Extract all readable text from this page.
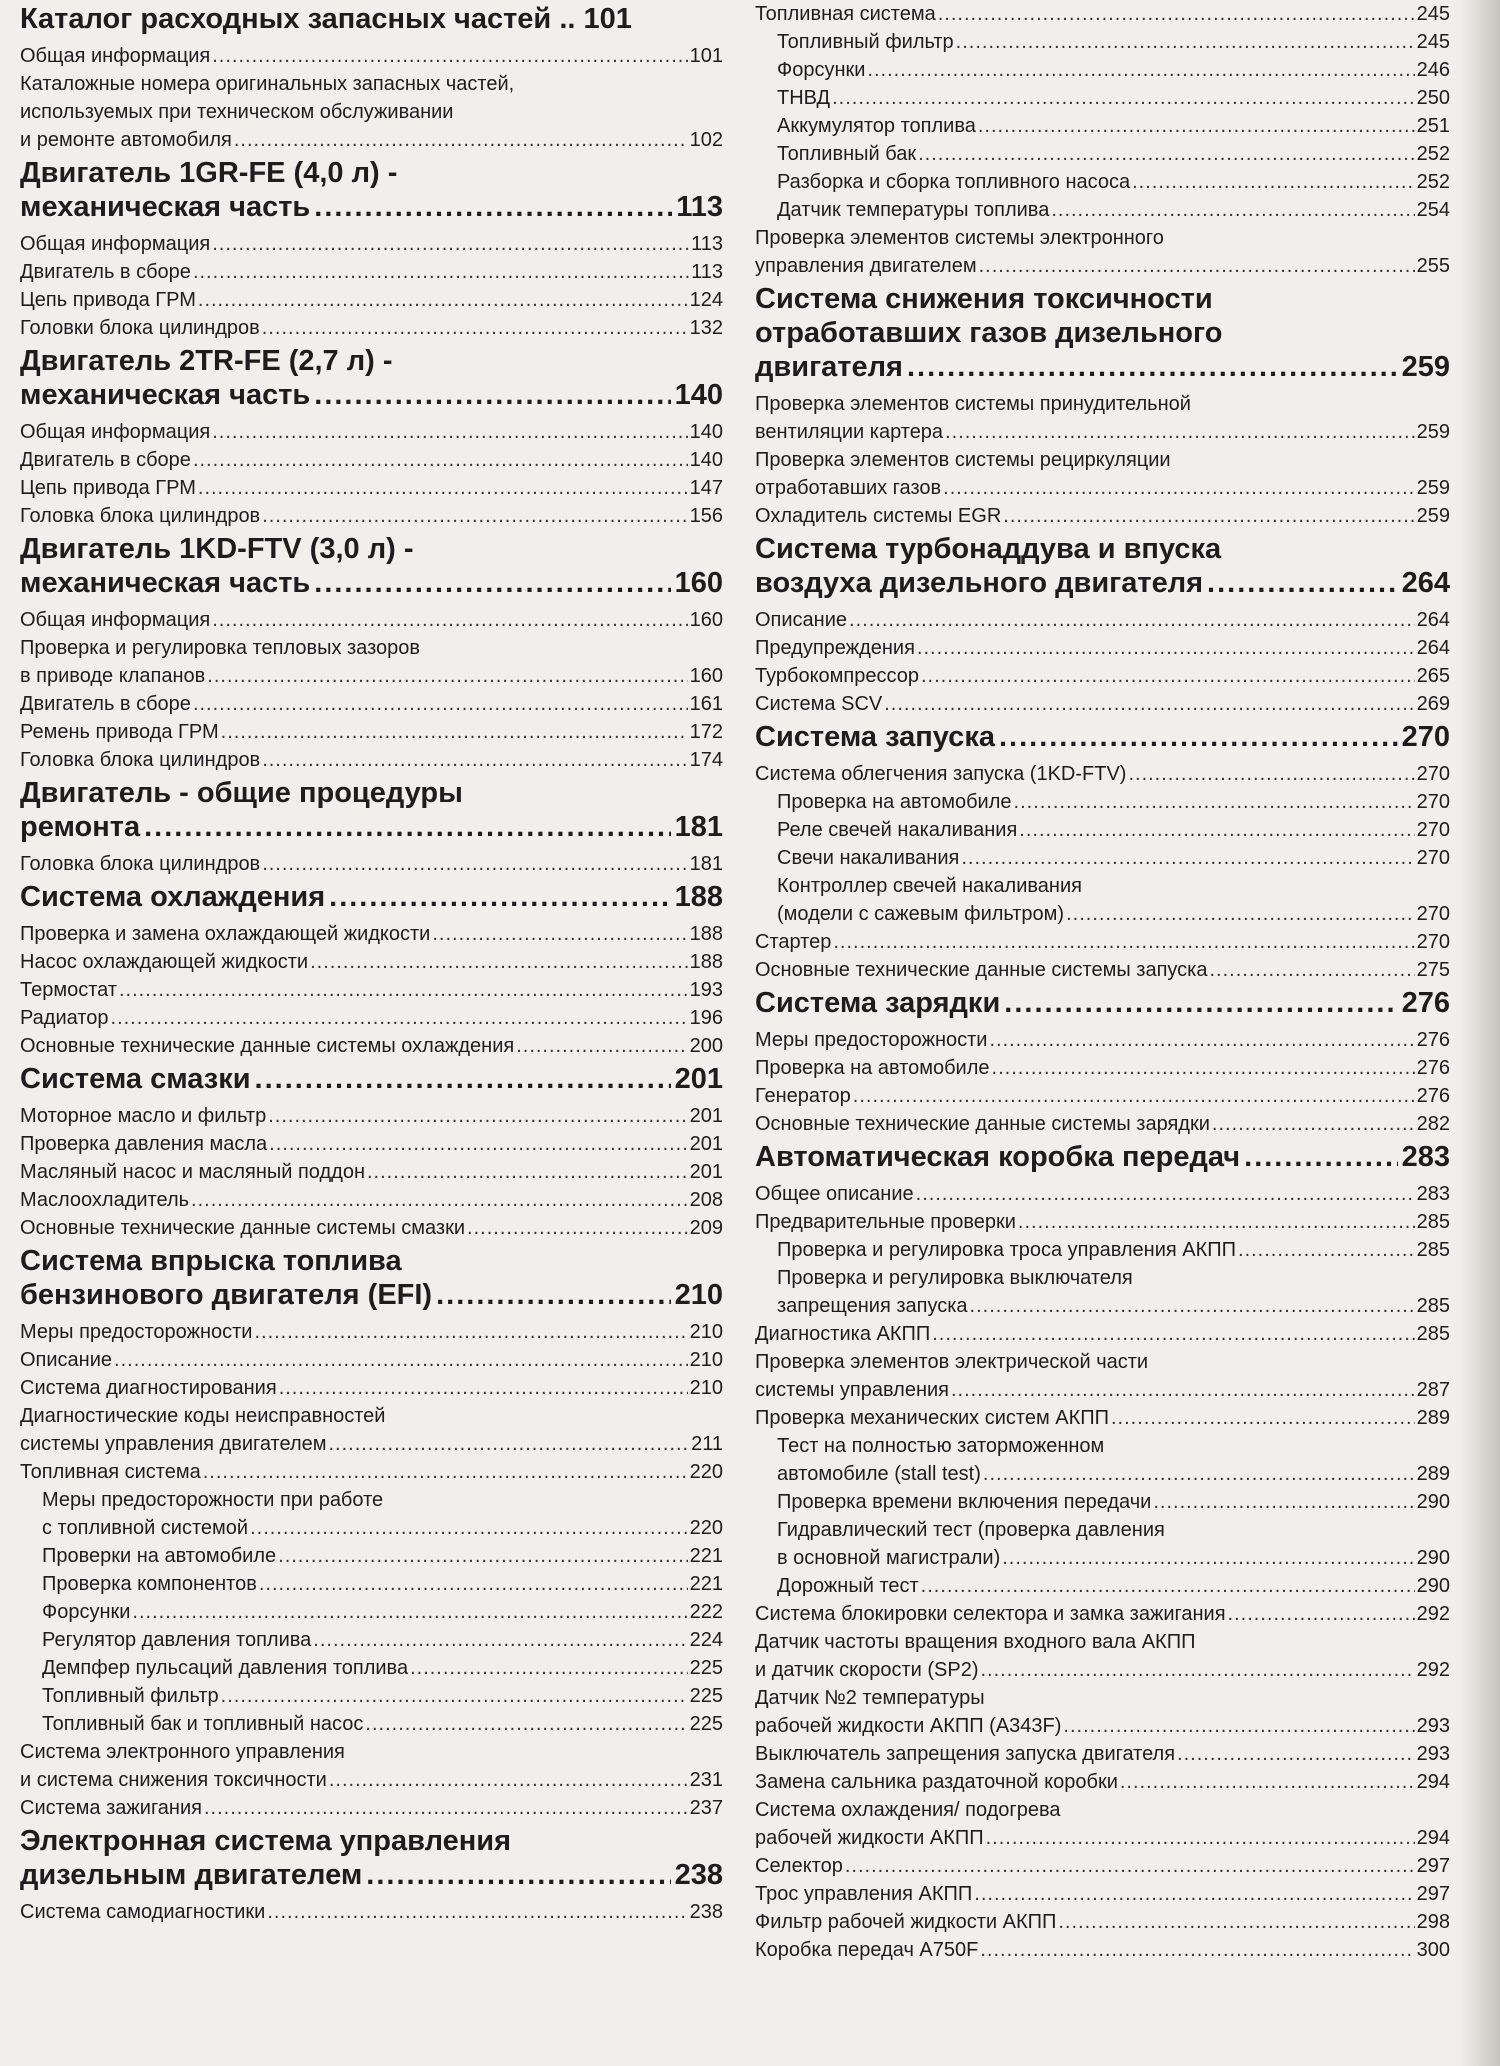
Каталог расходных запасных частей .. 101
Общая информация .....	101
Каталожные номера оригинальных запасных частей,
используемых при техническом обслуживании
и ремонте автомобиля .....	102
Двигатель 1GR-FE (4,0 л) -
механическая часть .....	113
Общая информация .....	113
Двигатель в сборе .....	113
Цепь привода ГРМ .....	124
Головки блока цилиндров .....	132
Двигатель 2TR-FE (2,7 л) -
механическая часть .....	140
Общая информация .....	140
Двигатель в сборе .....	140
Цепь привода ГРМ .....	147
Головка блока цилиндров .....	156
Двигатель 1KD-FTV (3,0 л) -
механическая часть .....	160
Общая информация .....	160
Проверка и регулировка тепловых зазоров
в приводе клапанов .....	160
Двигатель в сборе .....	161
Ремень привода ГРМ .....	172
Головка блока цилиндров .....	174
Двигатель - общие процедуры
ремонта .....	181
Головка блока цилиндров .....	181
Система охлаждения .....	188
Проверка и замена охлаждающей жидкости .....	188
Насос охлаждающей жидкости .....	188
Термостат .....	193
Радиатор .....	196
Основные технические данные системы охлаждения .....	200
Система смазки .....	201
Моторное масло и фильтр .....	201
Проверка давления масла .....	201
Масляный насос и масляный поддон .....	201
Маслоохладитель .....	208
Основные технические данные системы смазки .....	209
Система впрыска топлива
бензинового двигателя (EFI) .....	210
Меры предосторожности .....	210
Описание .....	210
Система диагностирования .....	210
Диагностические коды неисправностей
системы управления двигателем .....	211
Топливная система .....	220
Меры предосторожности при работе
с топливной системой .....	220
Проверки на автомобиле .....	221
Проверка компонентов .....	221
Форсунки .....	222
Регулятор давления топлива .....	224
Демпфер пульсаций давления топлива .....	225
Топливный фильтр .....	225
Топливный бак и топливный насос .....	225
Система электронного управления
и система снижения токсичности .....	231
Система зажигания .....	237
Электронная система управления
дизельным двигателем .....	238
Система самодиагностики .....	238
Топливная система .....	245
Топливный фильтр .....	245
Форсунки .....	246
ТНВД .....	250
Аккумулятор топлива .....	251
Топливный бак .....	252
Разборка и сборка топливного насоса .....	252
Датчик температуры топлива .....	254
Проверка элементов системы электронного
управления двигателем .....	255
Система снижения токсичности
отработавших газов дизельного
двигателя .....	259
Проверка элементов системы принудительной
вентиляции картера .....	259
Проверка элементов системы рециркуляции
отработавших газов .....	259
Охладитель системы EGR .....	259
Система турбонаддува и впуска
воздуха дизельного двигателя .....	264
Описание .....	264
Предупреждения .....	264
Турбокомпрессор .....	265
Система SCV .....	269
Система запуска .....	270
Система облегчения запуска (1KD-FTV) .....	270
Проверка на автомобиле .....	270
Реле свечей накаливания .....	270
Свечи накаливания .....	270
Контроллер свечей накаливания
(модели с сажевым фильтром) .....	270
Стартер .....	270
Основные технические данные системы запуска .....	275
Система зарядки .....	276
Меры предосторожности .....	276
Проверка на автомобиле .....	276
Генератор .....	276
Основные технические данные системы зарядки .....	282
Автоматическая коробка передач .....	283
Общее описание .....	283
Предварительные проверки .....	285
Проверка и регулировка троса управления АКПП .....	285
Проверка и регулировка выключателя
запрещения запуска .....	285
Диагностика АКПП .....	285
Проверка элементов электрической части
системы управления .....	287
Проверка механических систем АКПП .....	289
Тест на полностью заторможенном
автомобиле (stall test) .....	289
Проверка времени включения передачи .....	290
Гидравлический тест (проверка давления
в основной магистрали) .....	290
Дорожный тест .....	290
Система блокировки селектора и замка зажигания .....	292
Датчик частоты вращения входного вала АКПП
и датчик скорости (SP2) .....	292
Датчик №2 температуры
рабочей жидкости АКПП (A343F) .....	293
Выключатель запрещения запуска двигателя .....	293
Замена сальника раздаточной коробки .....	294
Система охлаждения/ подогрева
рабочей жидкости АКПП .....	294
Селектор .....	297
Трос управления АКПП .....	297
Фильтр рабочей жидкости АКПП .....	298
Коробка передач A750F .....	300
